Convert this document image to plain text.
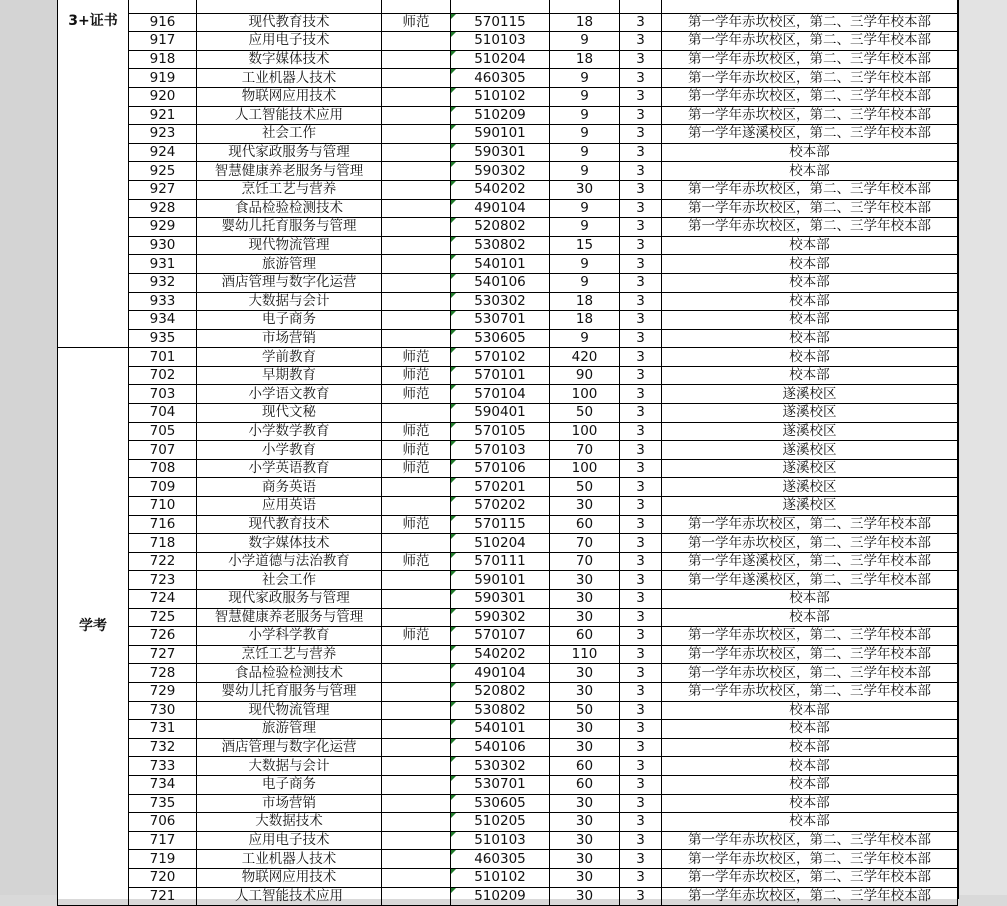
3+证书							

	916	现代教育技术	师范	570115	18	3	第一学年赤坎校区，第二、三学年校本部
	917	应用电子技术		510103	9	3	第一学年赤坎校区，第二、三学年校本部
	918	数字媒体技术		510204	18	3	第一学年赤坎校区，第二、三学年校本部
	919	工业机器人技术		460305	9	3	第一学年赤坎校区，第二、三学年校本部
	920	物联网应用技术		510102	9	3	第一学年赤坎校区，第二、三学年校本部
	921	人工智能技术应用		510209	9	3	第一学年赤坎校区，第二、三学年校本部
	923	社会工作		590101	9	3	第一学年遂溪校区，第二、三学年校本部
	924	现代家政服务与管理		590301	9	3	校本部
	925	智慧健康养老服务与管理		590302	9	3	校本部
	927	烹饪工艺与营养		540202	30	3	第一学年赤坎校区，第二、三学年校本部
	928	食品检验检测技术		490104	9	3	第一学年赤坎校区，第二、三学年校本部
	929	婴幼儿托育服务与管理		520802	9	3	第一学年赤坎校区，第二、三学年校本部
	930	现代物流管理		530802	15	3	校本部
	931	旅游管理		540101	9	3	校本部
	932	酒店管理与数字化运营		540106	9	3	校本部
	933	大数据与会计		530302	18	3	校本部
	934	电子商务		530701	18	3	校本部
	935	市场营销		530605	9	3	校本部

学考	701	学前教育	师范	570102	420	3	校本部
	702	早期教育	师范	570101	90	3	校本部
	703	小学语文教育	师范	570104	100	3	遂溪校区
	704	现代文秘		590401	50	3	遂溪校区
	705	小学数学教育	师范	570105	100	3	遂溪校区
	707	小学教育	师范	570103	70	3	遂溪校区
	708	小学英语教育	师范	570106	100	3	遂溪校区
	709	商务英语		570201	50	3	遂溪校区
	710	应用英语		570202	30	3	遂溪校区
	716	现代教育技术	师范	570115	60	3	第一学年赤坎校区，第二、三学年校本部
	718	数字媒体技术		510204	70	3	第一学年赤坎校区，第二、三学年校本部
	722	小学道德与法治教育	师范	570111	70	3	第一学年遂溪校区，第二、三学年校本部
	723	社会工作		590101	30	3	第一学年遂溪校区，第二、三学年校本部
	724	现代家政服务与管理		590301	30	3	校本部
	725	智慧健康养老服务与管理		590302	30	3	校本部
	726	小学科学教育	师范	570107	60	3	第一学年赤坎校区，第二、三学年校本部
	727	烹饪工艺与营养		540202	110	3	第一学年赤坎校区，第二、三学年校本部
	728	食品检验检测技术		490104	30	3	第一学年赤坎校区，第二、三学年校本部
	729	婴幼儿托育服务与管理		520802	30	3	第一学年赤坎校区，第二、三学年校本部
	730	现代物流管理		530802	50	3	校本部
	731	旅游管理		540101	30	3	校本部
	732	酒店管理与数字化运营		540106	30	3	校本部
	733	大数据与会计		530302	60	3	校本部
	734	电子商务		530701	60	3	校本部
	735	市场营销		530605	30	3	校本部
	706	大数据技术		510205	30	3	校本部
	717	应用电子技术		510103	30	3	第一学年赤坎校区，第二、三学年校本部
	719	工业机器人技术		460305	30	3	第一学年赤坎校区，第二、三学年校本部
	720	物联网应用技术		510102	30	3	第一学年赤坎校区，第二、三学年校本部
	721	人工智能技术应用		510209	30	3	第一学年赤坎校区，第二、三学年校本部
